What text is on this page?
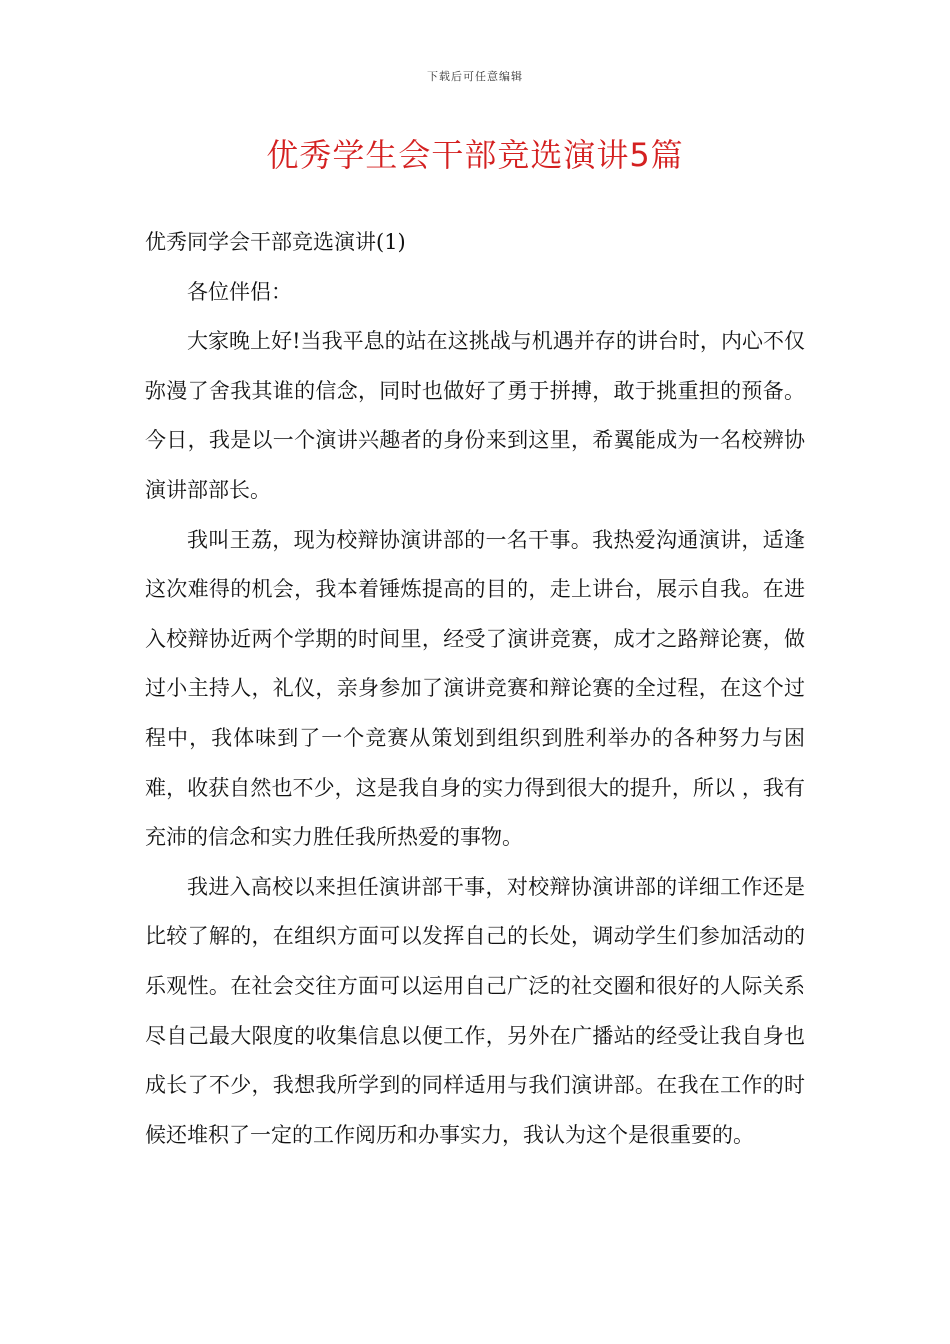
下载后可任意编辑
优秀学生会干部竞选演讲5篇

优秀同学会干部竞选演讲(1)

各位伴侣：

大家晚上好!当我平息的站在这挑战与机遇并存的讲台时，内心不仅弥漫了舍我其谁的信念，同时也做好了勇于拼搏，敢于挑重担的预备。今日，我是以一个演讲兴趣者的身份来到这里，希翼能成为一名校辨协演讲部部长。

我叫王荔，现为校辩协演讲部的一名干事。我热爱沟通演讲，适逢这次难得的机会，我本着锤炼提高的目的，走上讲台，展示自我。在进入校辩协近两个学期的时间里，经受了演讲竞赛，成才之路辩论赛，做过小主持人，礼仪，亲身参加了演讲竞赛和辩论赛的全过程，在这个过程中，我体味到了一个竞赛从策划到组织到胜利举办的各种努力与困难，收获自然也不少，这是我自身的实力得到很大的提升，所以 ，我有充沛的信念和实力胜任我所热爱的事物。

我进入高校以来担任演讲部干事，对校辩协演讲部的详细工作还是比较了解的，在组织方面可以发挥自己的长处，调动学生们参加活动的乐观性。在社会交往方面可以运用自己广泛的社交圈和很好的人际关系尽自己最大限度的收集信息以便工作，另外在广播站的经受让我自身也成长了不少，我想我所学到的同样适用与我们演讲部。在我在工作的时候还堆积了一定的工作阅历和办事实力，我认为这个是很重要的。
